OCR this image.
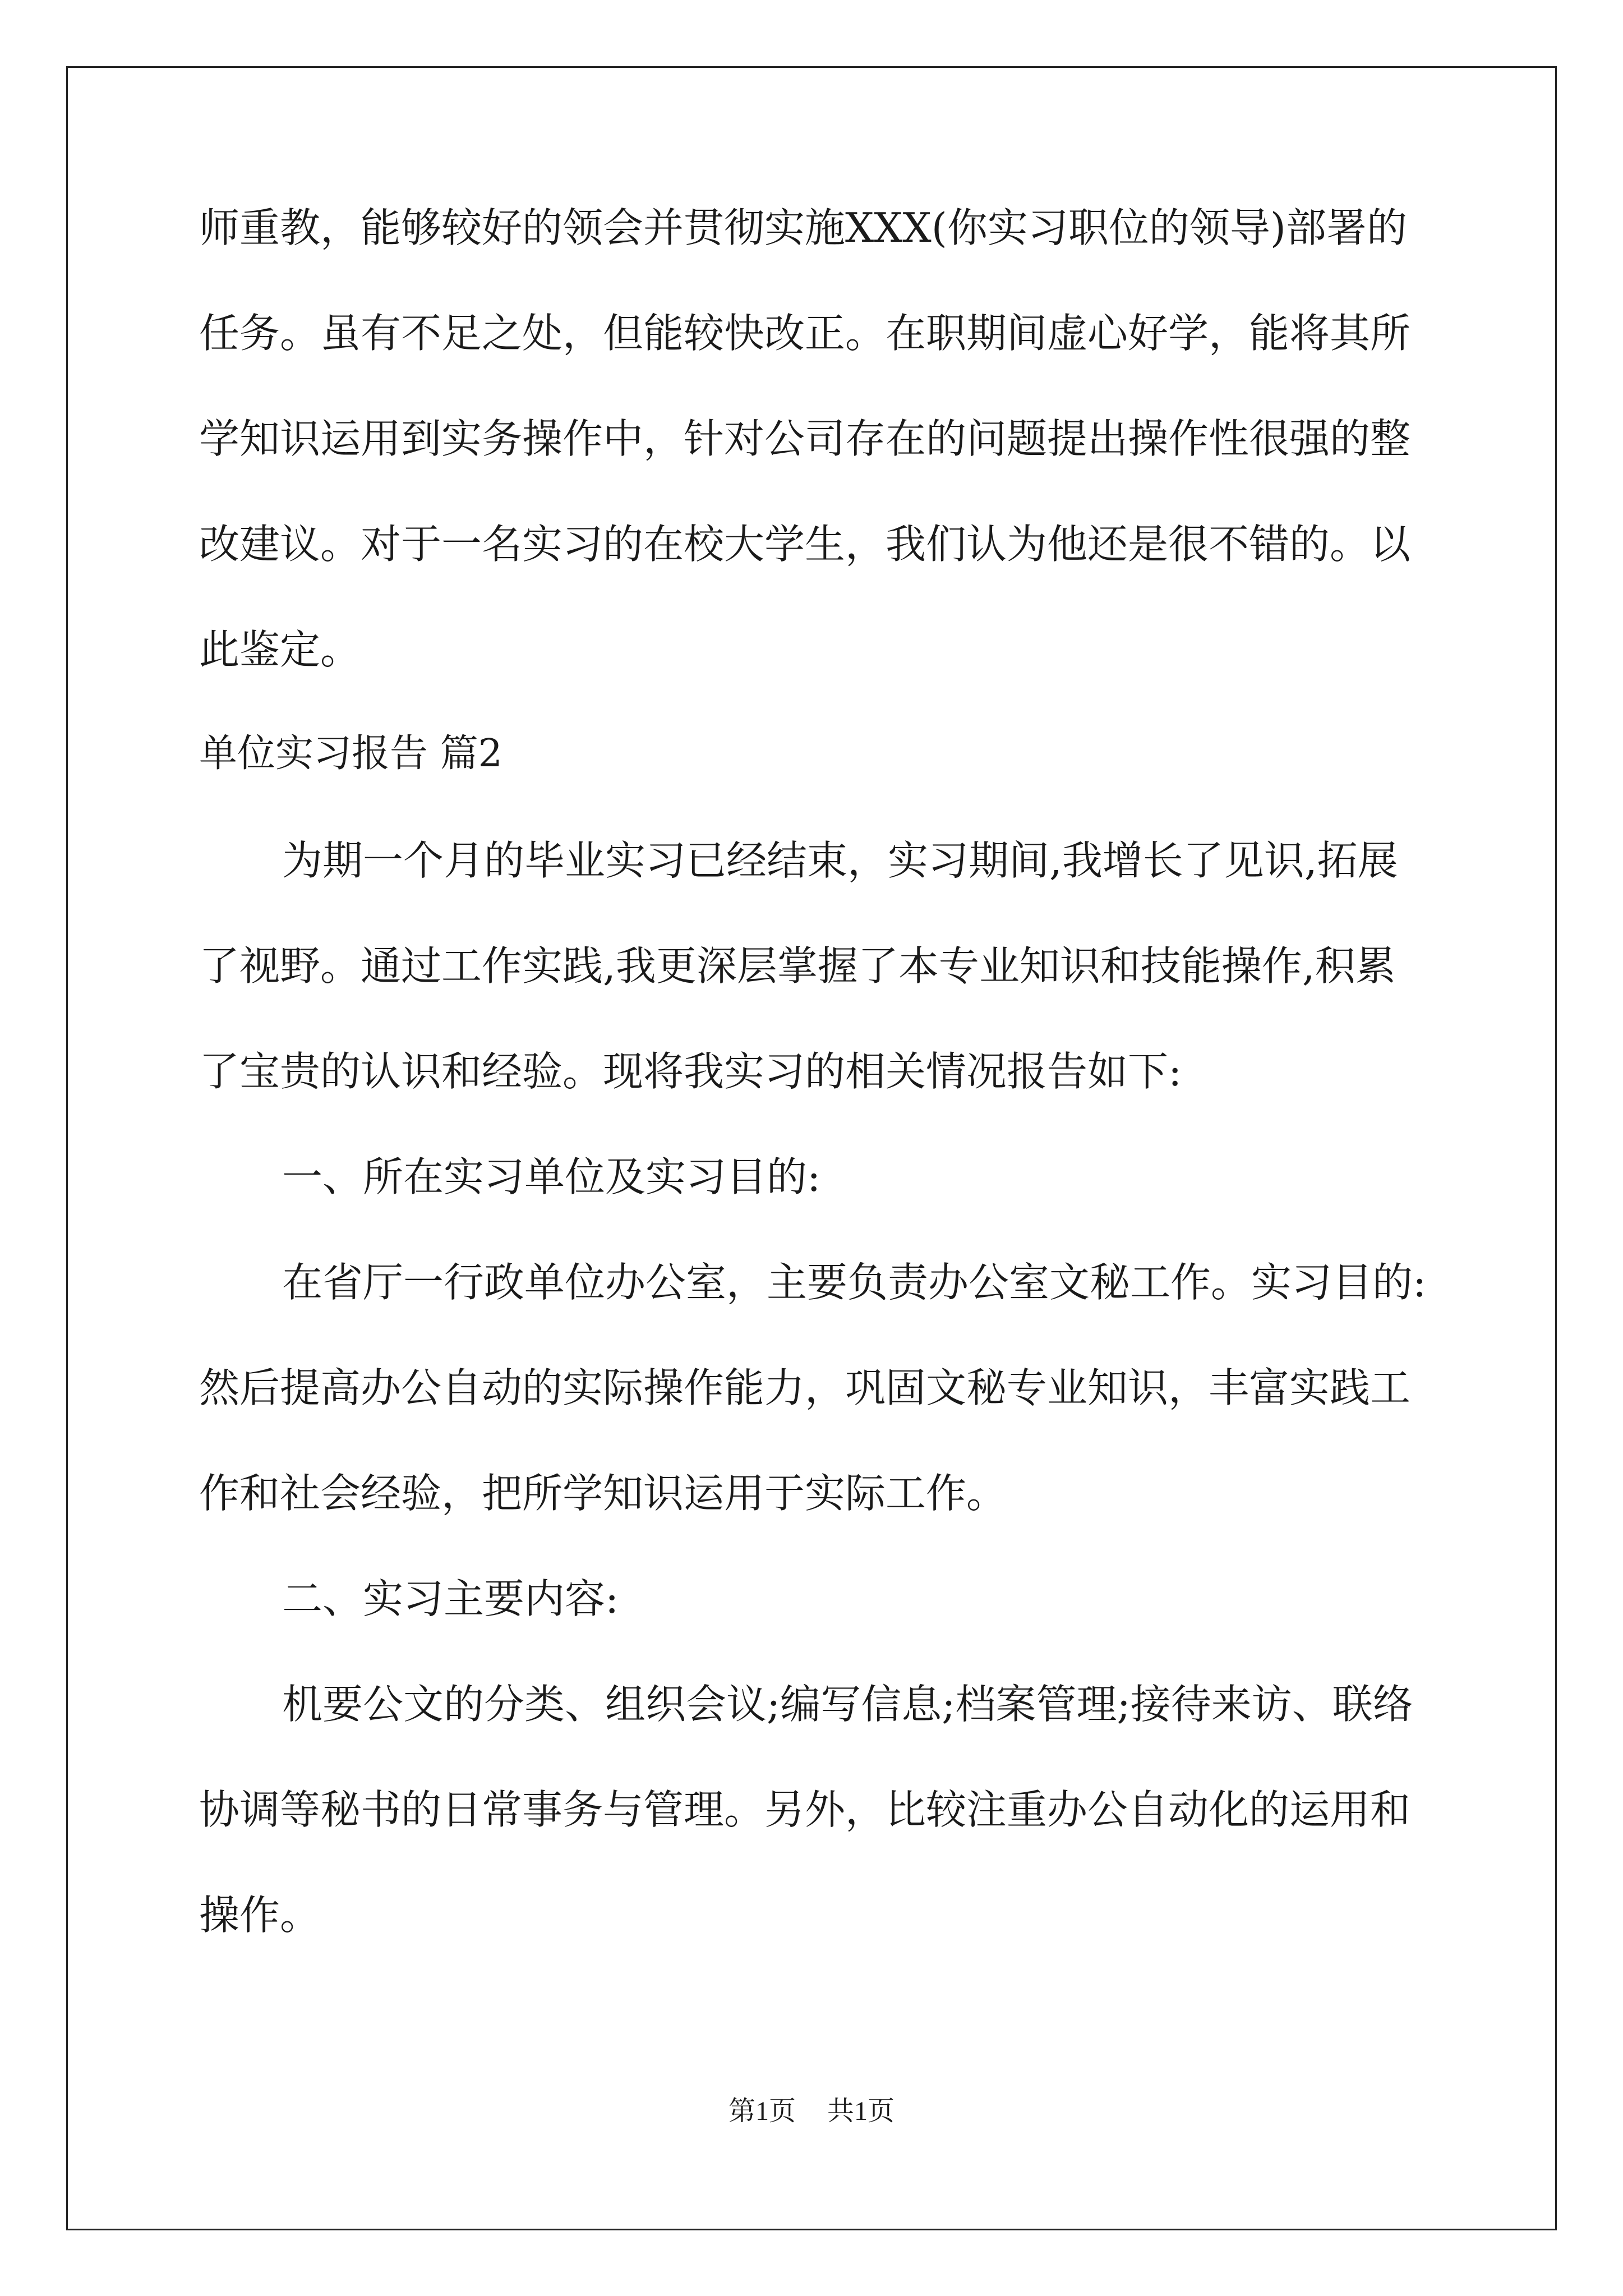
师重教，能够较好的领会并贯彻实施XXX(你实习职位的领导)部署的
任务。虽有不足之处，但能较快改正。在职期间虚心好学，能将其所
学知识运用到实务操作中，针对公司存在的问题提出操作性很强的整
改建议。对于一名实习的在校大学生，我们认为他还是很不错的。以
此鉴定。
单位实习报告 篇2
为期一个月的毕业实习已经结束，实习期间,我增长了见识,拓展
了视野。通过工作实践,我更深层掌握了本专业知识和技能操作,积累
了宝贵的认识和经验。现将我实习的相关情况报告如下:
一、所在实习单位及实习目的:
在省厅一行政单位办公室，主要负责办公室文秘工作。实习目的:
然后提高办公自动的实际操作能力，巩固文秘专业知识，丰富实践工
作和社会经验，把所学知识运用于实际工作。
二、实习主要内容:
机要公文的分类、组织会议;编写信息;档案管理;接待来访、联络
协调等秘书的日常事务与管理。另外，比较注重办公自动化的运用和
操作。
第1页 共1页
